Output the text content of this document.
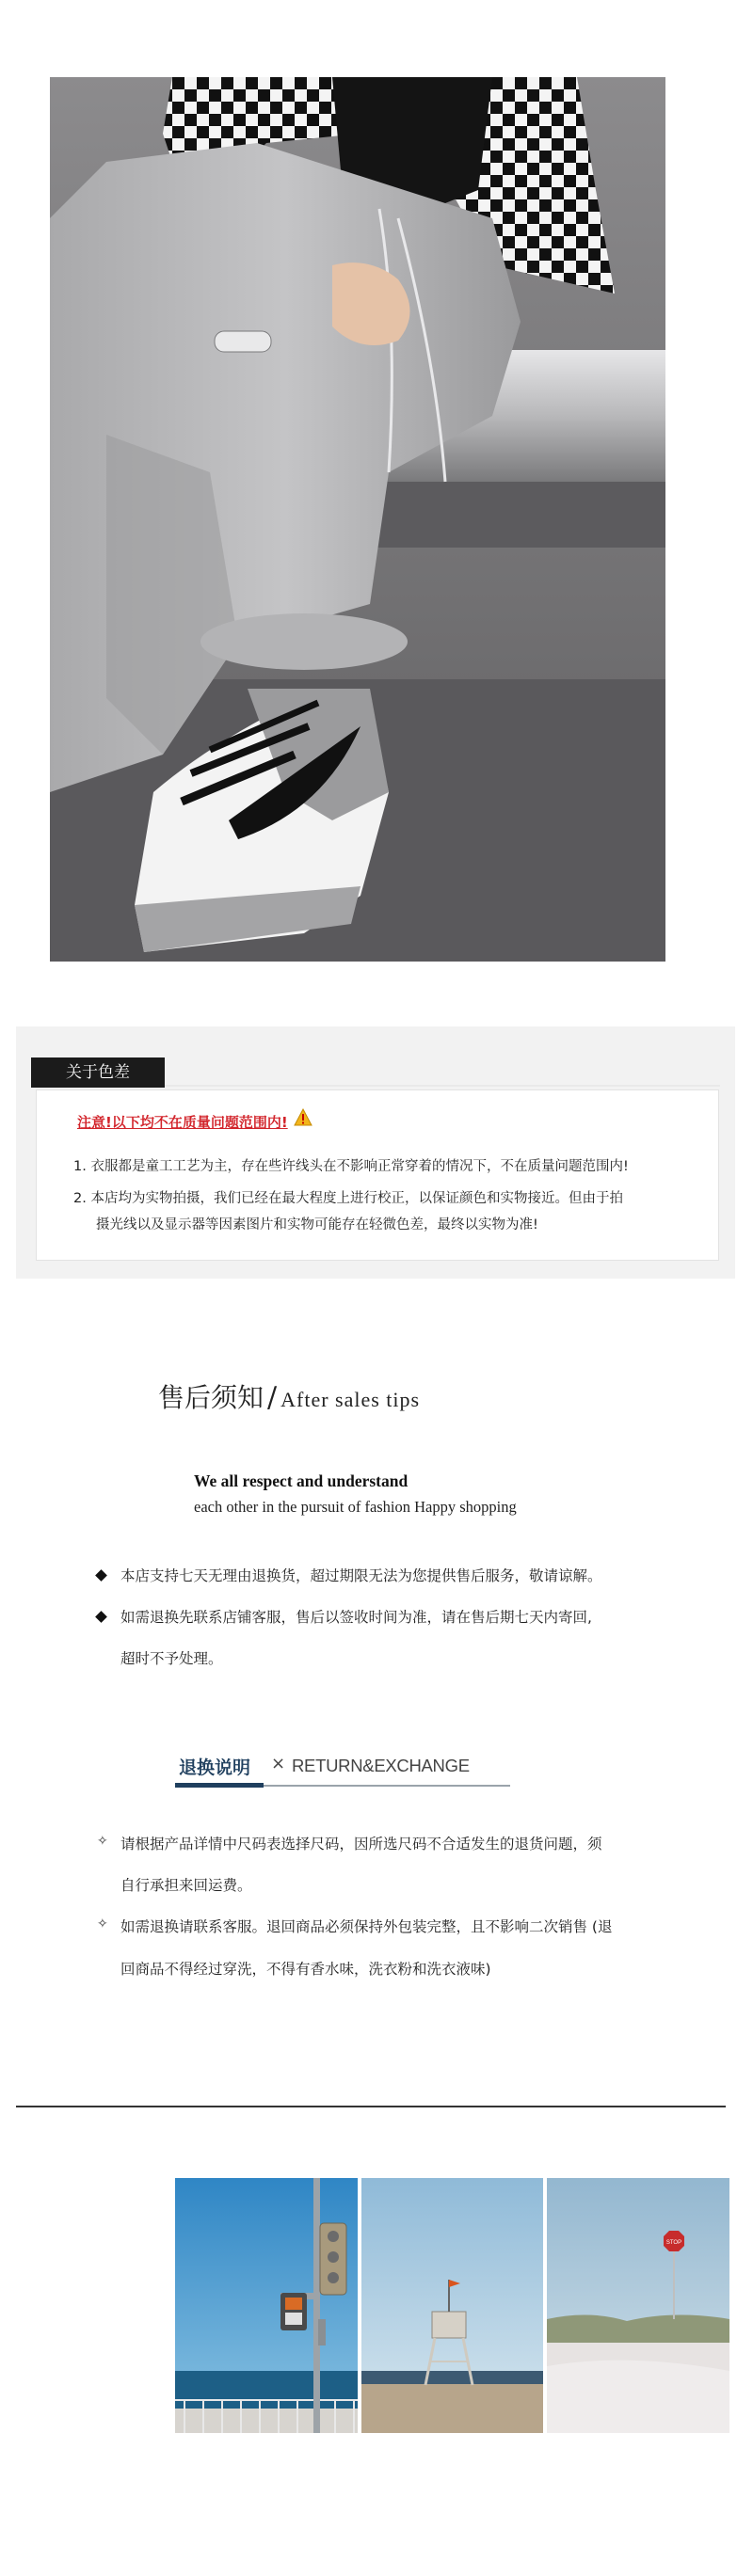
关于色差
注意!以下均不在质量问题范围内!
1. 衣服都是童工工艺为主，存在些许线头在不影响正常穿着的情况下，不在质量问题范围内!
2. 本店均为实物拍摄，我们已经在最大程度上进行校正，以保证颜色和实物接近。但由于拍
摄光线以及显示器等因素图片和实物可能存在轻微色差，最终以实物为准!
售后须知 / After sales tips
We all respect and understand
each other in the pursuit of fashion Happy shopping
本店支持七天无理由退换货，超过期限无法为您提供售后服务，敬请谅解。
如需退换先联系店铺客服，售后以签收时间为准，请在售后期七天内寄回,
超时不予处理。
退换说明 × RETURN&EXCHANGE
✧ 请根据产品详情中尺码表选择尺码，因所选尺码不合适发生的退货问题，须
自行承担来回运费。
✧ 如需退换请联系客服。退回商品必须保持外包装完整，且不影响二次销售 (退
回商品不得经过穿洗，不得有香水味，洗衣粉和洗衣液味)
STOP
